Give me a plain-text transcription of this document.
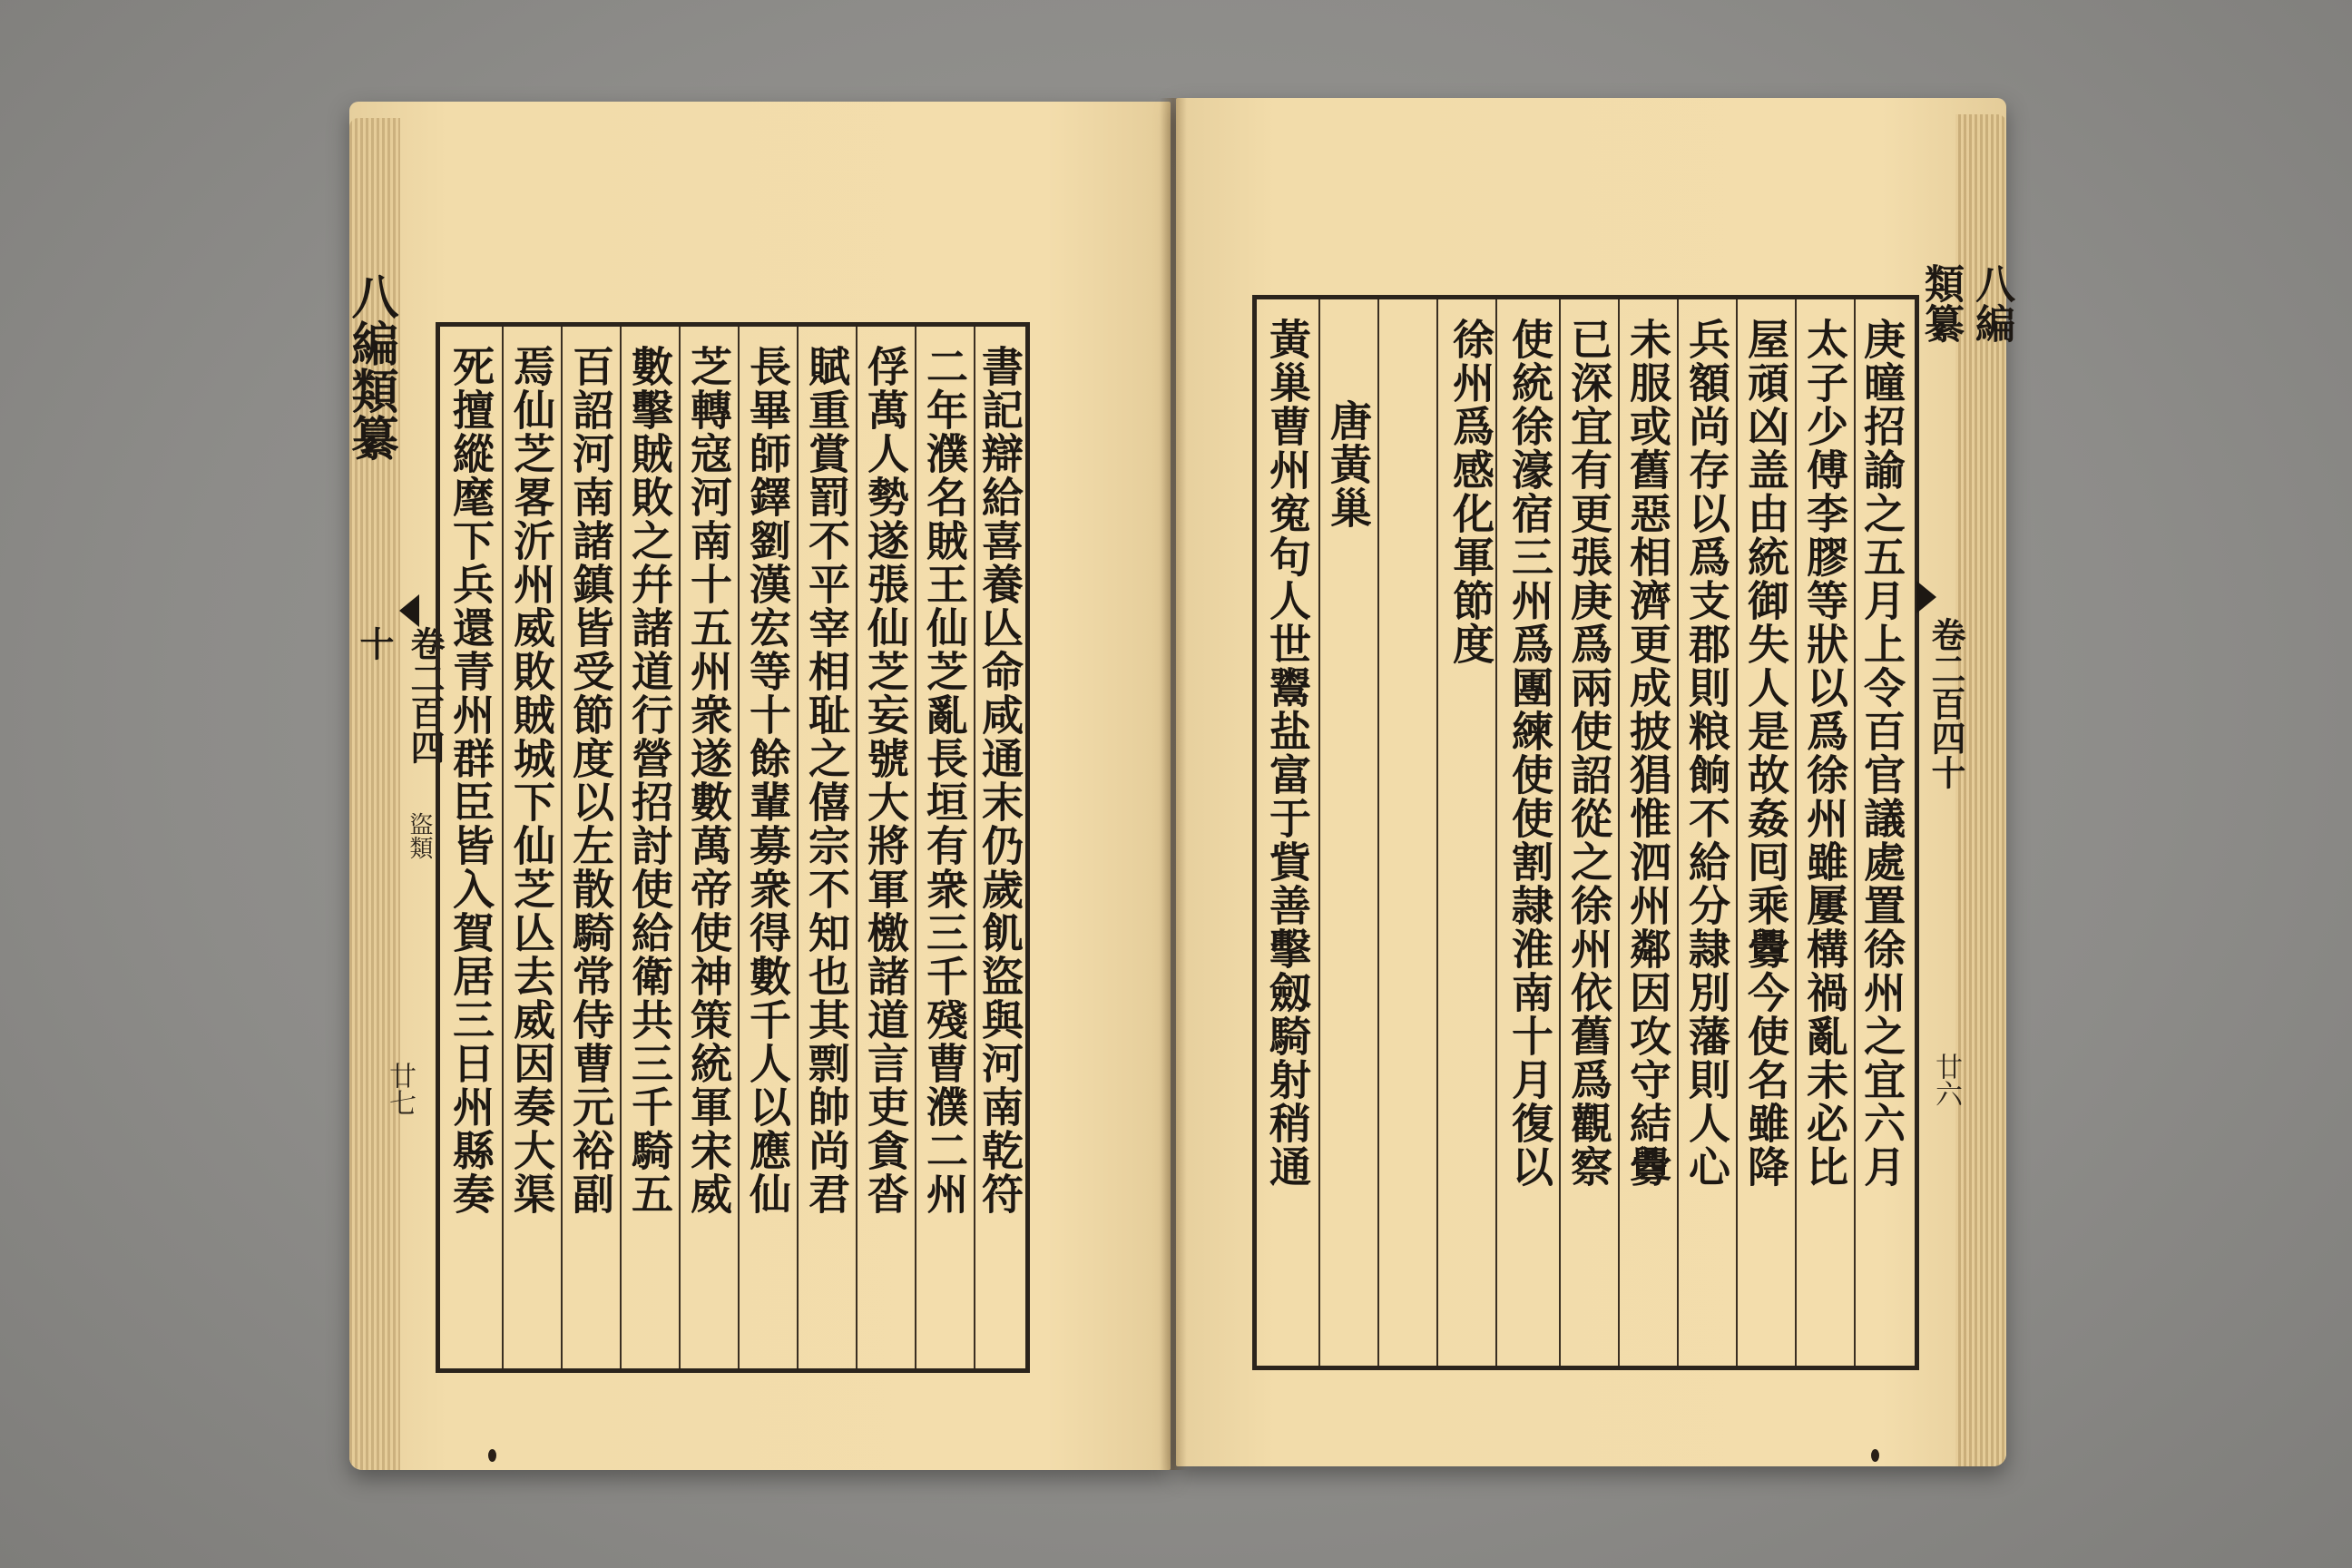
八編類纂
卷二百四十
盜類
廿七 死擅縱麾下兵還青州群臣皆入賀居三日州縣奏 焉仙芝畧沂州威敗賊城下仙芝亾去威因奏大渠 百詔河南諸鎮皆受節度以左散騎常侍曹元裕副 數擊賊敗之幷諸道行營招討使給衛共三千騎五 芝轉寇河南十五州衆遂數萬帝使神策統軍宋威 長畢師鐸劉漢宏等十餘輩募衆得數千人以應仙 賦重賞罰不平宰相耻之僖宗不知也其剽帥尚君 俘萬人勢遂張仙芝妄號大將軍檄諸道言吏貪沓 二年濮名賊王仙芝亂長垣有衆三千殘曹濮二州 書記辯給喜養亾命咸通末仍歲飢盜與河南乾符	黃巢曹州寃句人世鬻盐富于貲善擊劔騎射稍通 唐黃巢 徐州爲感化軍節度 使統徐濠宿三州爲團練使使割隷淮南十月復以 已深宜有更張庚爲兩使詔從之徐州依舊爲觀察 未服或舊惡相濟更成披猖惟泗州鄰因攻守結釁 兵額尚存以爲支郡則粮餉不給分隷別藩則人心 屋頑凶盖由統御失人是故姦囘乘釁今使名雖降 太子少傅李膠等狀以爲徐州雖屢構禍亂未必比 庚曈招諭之五月上令百官議處置徐州之宜六月
八編類纂
卷二百四十
廿六
